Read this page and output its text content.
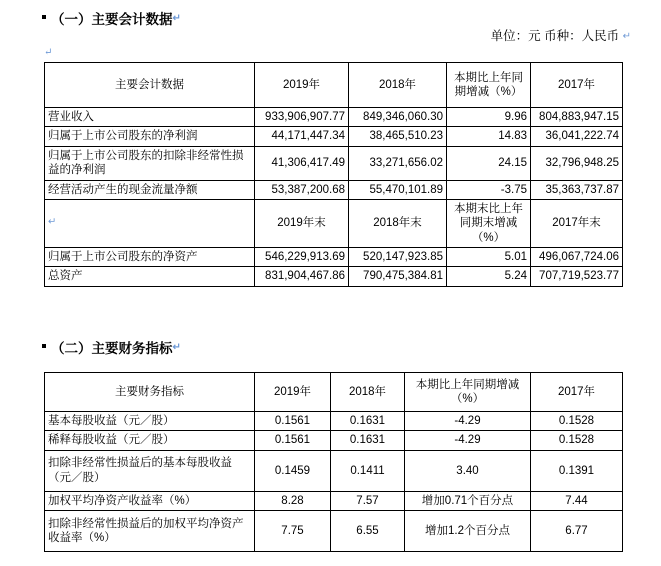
（一）主要会计数据 ↵
单位：元 币种：人民币 ↵
↵
主要会计数据	2019年	2018年	本期比上年同期增减（%）	2017年
营业收入	933,906,907.77	849,346,060.30	9.96	804,883,947.15
归属于上市公司股东的净利润	44,171,447.34	38,465,510.23	14.83	36,041,222.74
归属于上市公司股东的扣除非经常性损益的净利润	41,306,417.49	33,271,656.02	24.15	32,796,948.25
经营活动产生的现金流量净额	53,387,200.68	55,470,101.89	-3.75	35,363,737.87
↵	2019年末	2018年末	本期末比上年同期末增减（%）	2017年末
归属于上市公司股东的净资产	546,229,913.69	520,147,923.85	5.01	496,067,724.06
总资产	831,904,467.86	790,475,384.81	5.24	707,719,523.77
（二）主要财务指标 ↵
主要财务指标	2019年	2018年	本期比上年同期增减（%）	2017年
基本每股收益（元／股）	0.1561	0.1631	-4.29	0.1528
稀释每股收益（元／股）	0.1561	0.1631	-4.29	0.1528
扣除非经常性损益后的基本每股收益（元／股）	0.1459	0.1411	3.40	0.1391
加权平均净资产收益率（%）	8.28	7.57	增加0.71个百分点	7.44
扣除非经常性损益后的加权平均净资产收益率（%）	7.75	6.55	增加1.2个百分点	6.77
